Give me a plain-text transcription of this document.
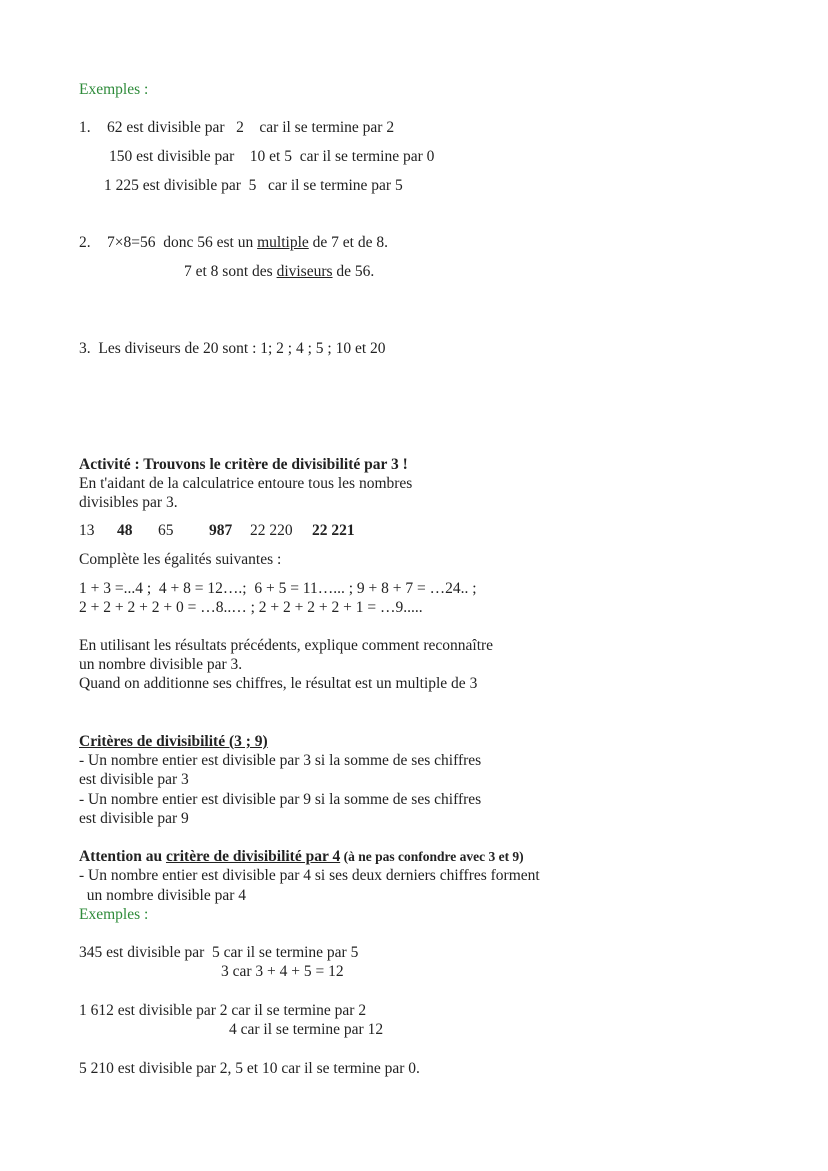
Exemples :
1. 62 est divisible par   2    car il se termine par 2
150 est divisible par    10 et 5  car il se termine par 0
1 225 est divisible par  5   car il se termine par 5
2. 7×8=56  donc 56 est un multiple de 7 et de 8.
7 et 8 sont des diviseurs de 56.
3.  Les diviseurs de 20 sont : 1; 2 ; 4 ; 5 ; 10 et 20
Activité : Trouvons le critère de divisibilité par 3 !
En t'aidant de la calculatrice entoure tous les nombres
divisibles par 3.
13 48 65 987 22 220 22 221
Complète les égalités suivantes :
1 + 3 =...4 ;  4 + 8 = 12….;  6 + 5 = 11…... ; 9 + 8 + 7 = …24.. ;
2 + 2 + 2 + 2 + 0 = …8..… ; 2 + 2 + 2 + 2 + 1 = …9.....
En utilisant les résultats précédents, explique comment reconnaître
un nombre divisible par 3.
Quand on additionne ses chiffres, le résultat est un multiple de 3
Critères de divisibilité (3 ; 9)
- Un nombre entier est divisible par 3 si la somme de ses chiffres
est divisible par 3
- Un nombre entier est divisible par 9 si la somme de ses chiffres
est divisible par 9
Attention au critère de divisibilité par 4 (à ne pas confondre avec 3 et 9)
- Un nombre entier est divisible par 4 si ses deux derniers chiffres forment
un nombre divisible par 4
Exemples :
345 est divisible par  5 car il se termine par 5
3 car 3 + 4 + 5 = 12
1 612 est divisible par 2 car il se termine par 2
4 car il se termine par 12
5 210 est divisible par 2, 5 et 10 car il se termine par 0.
